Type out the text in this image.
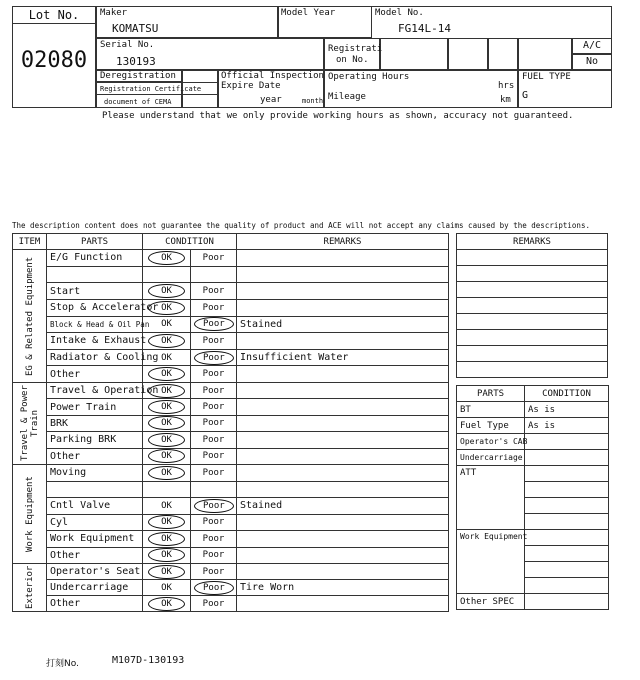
Lot No.
02080
Maker
KOMATSU
Model Year	Model No.
FG14L-14
Serial No.
130193
Registrati
on No.
A/C
No
Deregistration
Registration Certificate
document of CEMA
Official Inspection
Expire Date
year	month
Operating Hours
hrs
Mileage	km
FUEL TYPE
G
Please understand that we only provide working hours as shown, accuracy not guaranteed.
The description content does not guarantee the quality of product and ACE will not accept any claims caused by the descriptions.
ITEM	PARTS	CONDITION		REMARKS

EG & Related Equipment	E/G Function	OK	Poor	

	Start	OK	Poor	
	Stop & Accelerator	OK	Poor	
	Block & Head & Oil Pan	OK	Poor	Stained
	Intake & Exhaust	OK	Poor	
	Radiator & Cooling	OK	Poor	Insufficient Water
	Other	OK	Poor	

Travel & Power Train	Travel & Operation	OK	Poor	
	Power Train	OK	Poor	
	BRK	OK	Poor	
	Parking BRK	OK	Poor	
	Other	OK	Poor	

Work Equipment	Moving	OK	Poor	

	Cntl Valve	OK	Poor	Stained
	Cyl	OK	Poor	
	Work Equipment	OK	Poor	
	Other	OK	Poor	

Exterior	Operator's Seat	OK	Poor	
	Undercarriage	OK	Poor	Tire Worn
	Other	OK	Poor	
REMARKS

PARTS	CONDITION
BT	As is
Fuel Type	As is
Operator's CAB	
Undercarriage	
ATT	

Work Equipment	

Other SPEC	
打刻No.	M107D-130193
